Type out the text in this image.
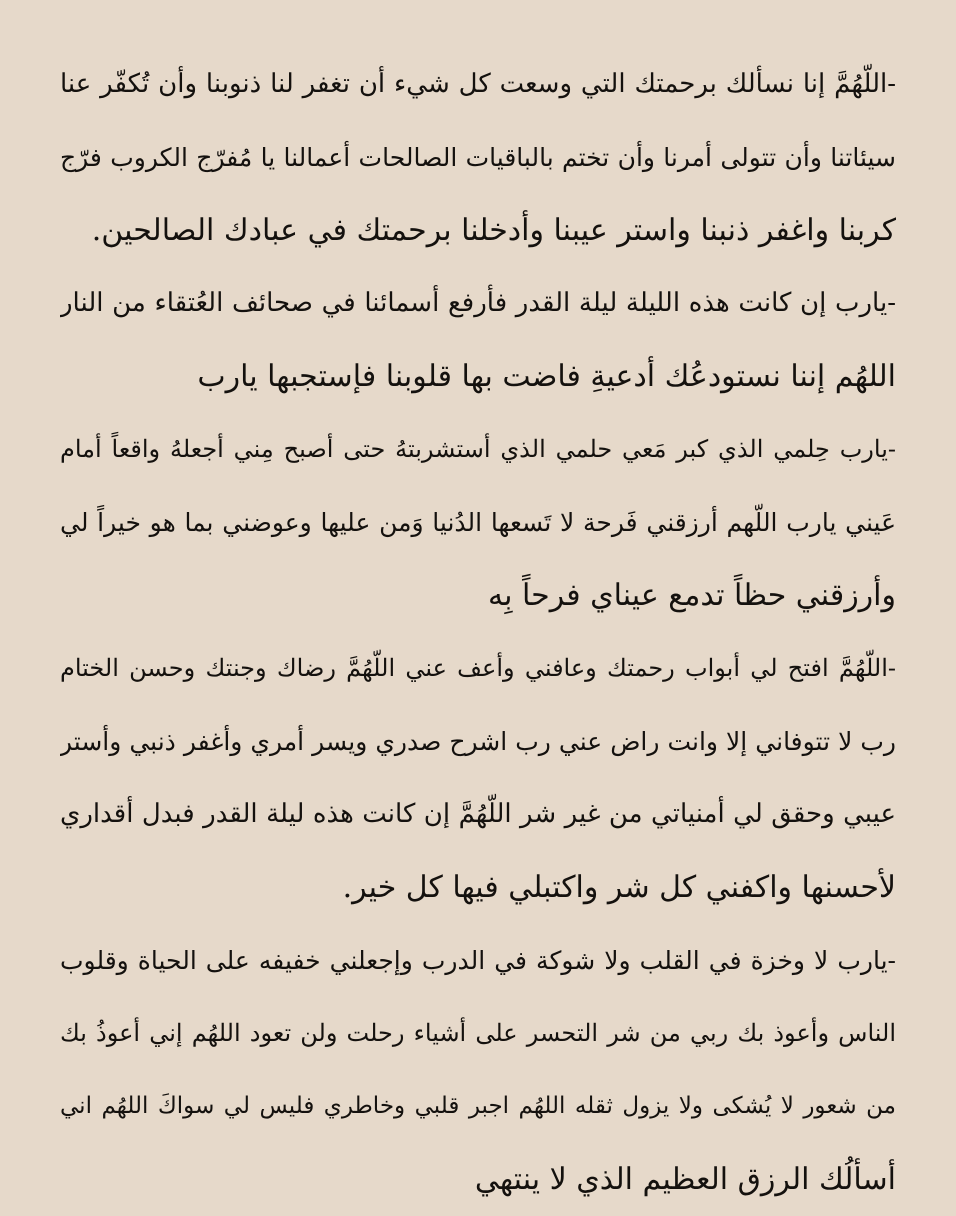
-اللّهُمَّ إنا نسألك برحمتك التي وسعت كل شيء أن تغفر لنا ذنوبنا وأن تُكفّر عنا
سيئاتنا وأن تتولى أمرنا وأن تختم بالباقيات الصالحات أعمالنا يا مُفرّج الكروب فرّج
كربنا واغفر ذنبنا واستر عيبنا وأدخلنا برحمتك في عبادك الصالحين.
-يارب إن كانت هذه الليلة ليلة القدر فأرفع أسمائنا في صحائف العُتقاء من النار
اللهُم إننا نستودعُك أدعيةِ فاضت بها قلوبنا فإستجبها يارب
-يارب حِلمي الذي كبر مَعي حلمي الذي أستشربتهُ حتى أصبح مِني أجعلهُ واقعاً أمام
عَيني يارب اللّهم أرزقني فَرحة لا تَسعها الدُنيا وَمن عليها وعوضني بما هو خيراً لي
وأرزقني حظاً تدمع عيناي فرحاً بِه
-اللّهُمَّ افتح لي أبواب رحمتك وعافني وأعف عني اللّهُمَّ رضاك وجنتك وحسن الختام
رب لا تتوفاني إلا وانت راض عني رب اشرح صدري ويسر أمري وأغفر ذنبي وأستر
عيبي وحقق لي أمنياتي من غير شر اللّهُمَّ إن كانت هذه ليلة القدر فبدل أقداري
لأحسنها واكفني كل شر واكتبلي فيها كل خير.
-يارب لا وخزة في القلب ولا شوكة في الدرب وإجعلني خفيفه على الحياة وقلوب
الناس وأعوذ بك ربي من شر التحسر على أشياء رحلت ولن تعود اللهُم إني أعوذُ بك
من شعور لا يُشكى ولا يزول ثقله اللهُم اجبر قلبي وخاطري فليس لي سواكَ اللهُم اني
أسألُك الرزق العظيم الذي لا ينتهي
